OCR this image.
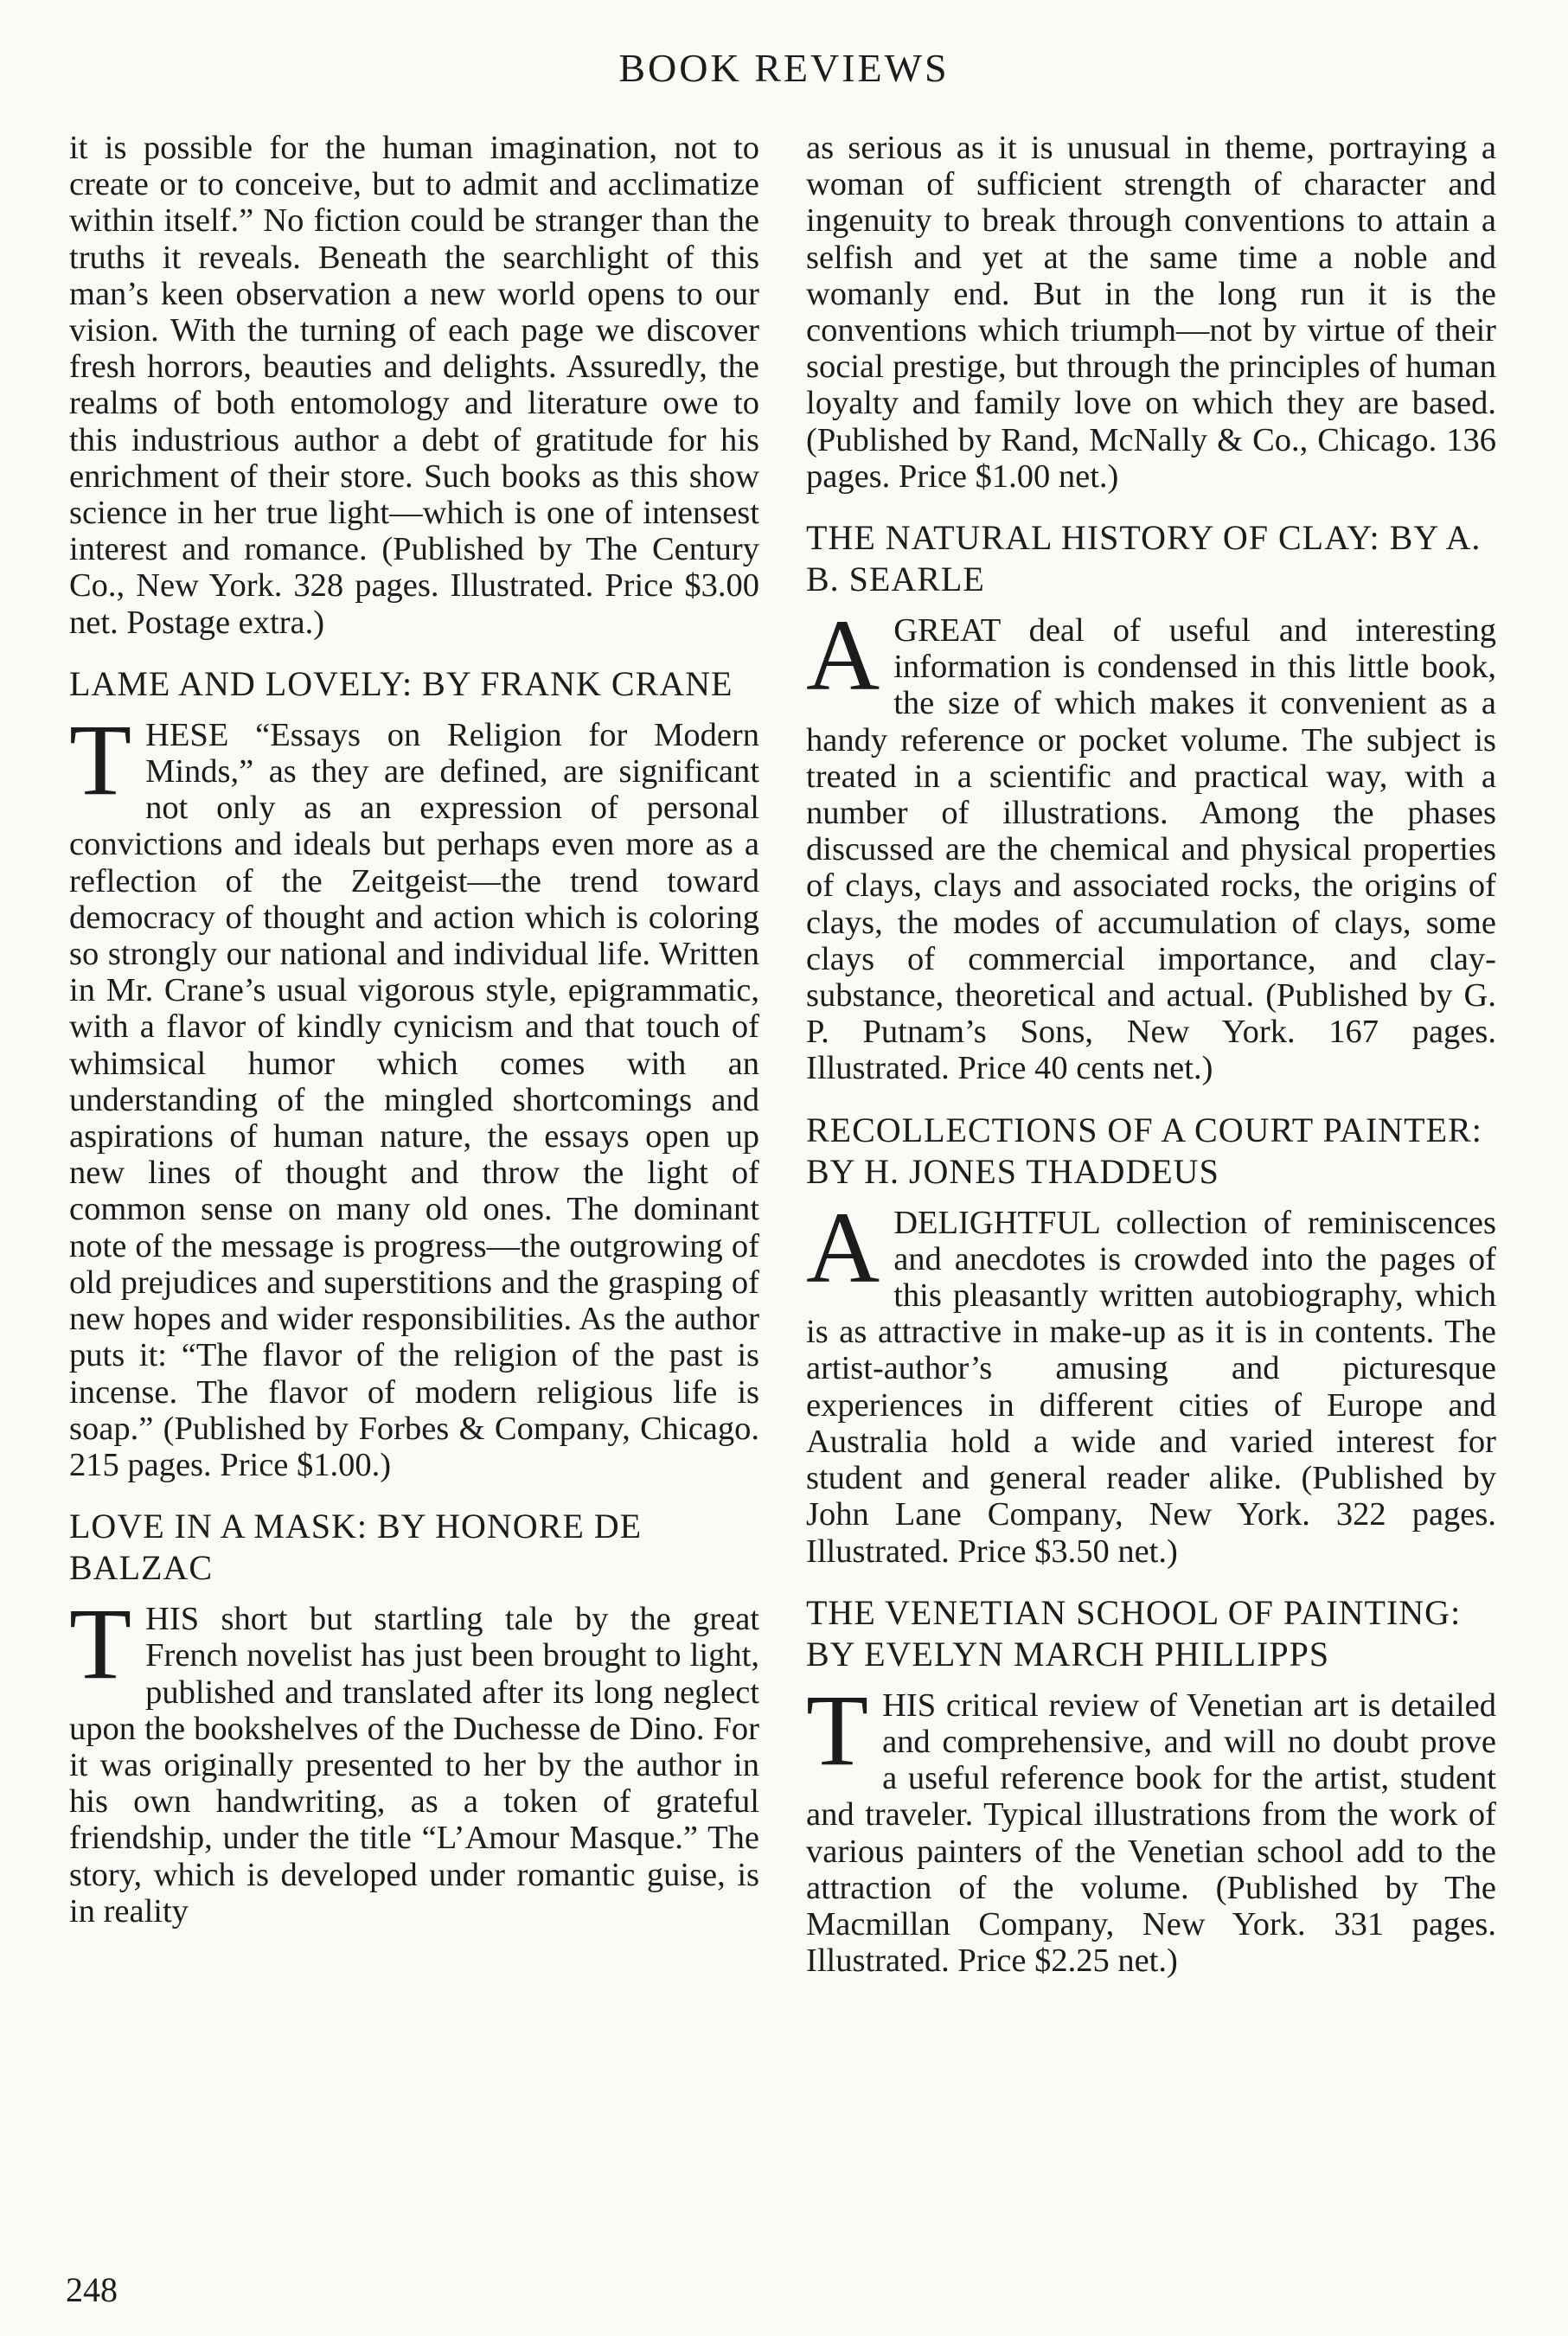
BOOK REVIEWS

it is possible for the human imagination, not to create or to conceive, but to admit and acclimatize within itself.” No fiction could be stranger than the truths it reveals. Beneath the searchlight of this man’s keen observation a new world opens to our vision. With the turning of each page we discover fresh horrors, beauties and delights. Assuredly, the realms of both entomology and literature owe to this industrious author a debt of gratitude for his enrichment of their store. Such books as this show science in her true light—which is one of intensest interest and romance. (Published by The Century Co., New York. 328 pages. Illustrated. Price $3.00 net. Postage extra.)

LAME AND LOVELY: BY FRANK CRANE

THESE “Essays on Religion for Modern Minds,” as they are defined, are significant not only as an expression of personal convictions and ideals but perhaps even more as a reflection of the Zeitgeist—the trend toward democracy of thought and action which is coloring so strongly our national and individual life. Written in Mr. Crane’s usual vigorous style, epigrammatic, with a flavor of kindly cynicism and that touch of whimsical humor which comes with an understanding of the mingled shortcomings and aspirations of human nature, the essays open up new lines of thought and throw the light of common sense on many old ones. The dominant note of the message is progress—the outgrowing of old prejudices and superstitions and the grasping of new hopes and wider responsibilities. As the author puts it: “The flavor of the religion of the past is incense. The flavor of modern religious life is soap.” (Published by Forbes & Company, Chicago. 215 pages. Price $1.00.)

LOVE IN A MASK: BY HONORE DE BALZAC

THIS short but startling tale by the great French novelist has just been brought to light, published and translated after its long neglect upon the bookshelves of the Duchesse de Dino. For it was originally presented to her by the author in his own handwriting, as a token of grateful friendship, under the title “L’Amour Masque.” The story, which is developed under romantic guise, is in reality

as serious as it is unusual in theme, portraying a woman of sufficient strength of character and ingenuity to break through conventions to attain a selfish and yet at the same time a noble and womanly end. But in the long run it is the conventions which triumph—not by virtue of their social prestige, but through the principles of human loyalty and family love on which they are based. (Published by Rand, McNally & Co., Chicago. 136 pages. Price $1.00 net.)

THE NATURAL HISTORY OF CLAY: BY A. B. SEARLE

AGREAT deal of useful and interesting information is condensed in this little book, the size of which makes it convenient as a handy reference or pocket volume. The subject is treated in a scientific and practical way, with a number of illustrations. Among the phases discussed are the chemical and physical properties of clays, clays and associated rocks, the origins of clays, the modes of accumulation of clays, some clays of commercial importance, and clay-substance, theoretical and actual. (Published by G. P. Putnam’s Sons, New York. 167 pages. Illustrated. Price 40 cents net.)

RECOLLECTIONS OF A COURT PAINTER: BY H. JONES THADDEUS

ADELIGHTFUL collection of reminiscences and anecdotes is crowded into the pages of this pleasantly written autobiography, which is as attractive in make-up as it is in contents. The artist-author’s amusing and picturesque experiences in different cities of Europe and Australia hold a wide and varied interest for student and general reader alike. (Published by John Lane Company, New York. 322 pages. Illustrated. Price $3.50 net.)

THE VENETIAN SCHOOL OF PAINTING: BY EVELYN MARCH PHILLIPPS

THIS critical review of Venetian art is detailed and comprehensive, and will no doubt prove a useful reference book for the artist, student and traveler. Typical illustrations from the work of various painters of the Venetian school add to the attraction of the volume. (Published by The Macmillan Company, New York. 331 pages. Illustrated. Price $2.25 net.)

248
